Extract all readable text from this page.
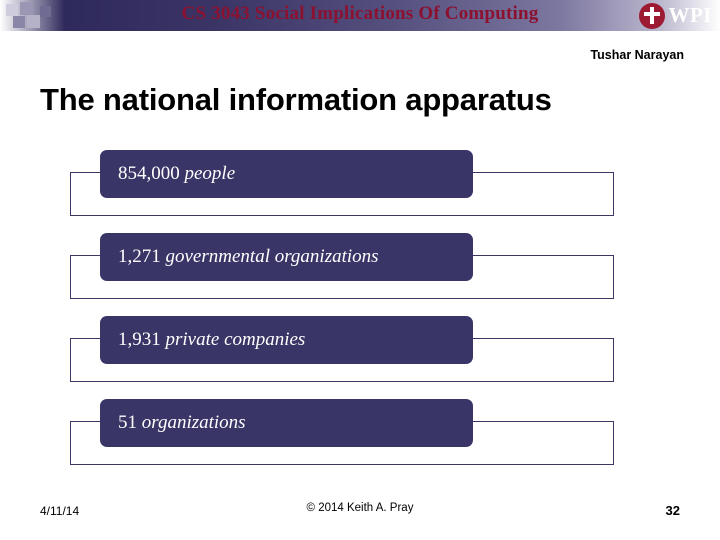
CS 3043 Social Implications Of Computing	WPI
Tushar Narayan
The national information apparatus
854,000 people
1,271 governmental organizations
1,931 private companies
51 organizations
4/11/14	© 2014 Keith A. Pray	32
